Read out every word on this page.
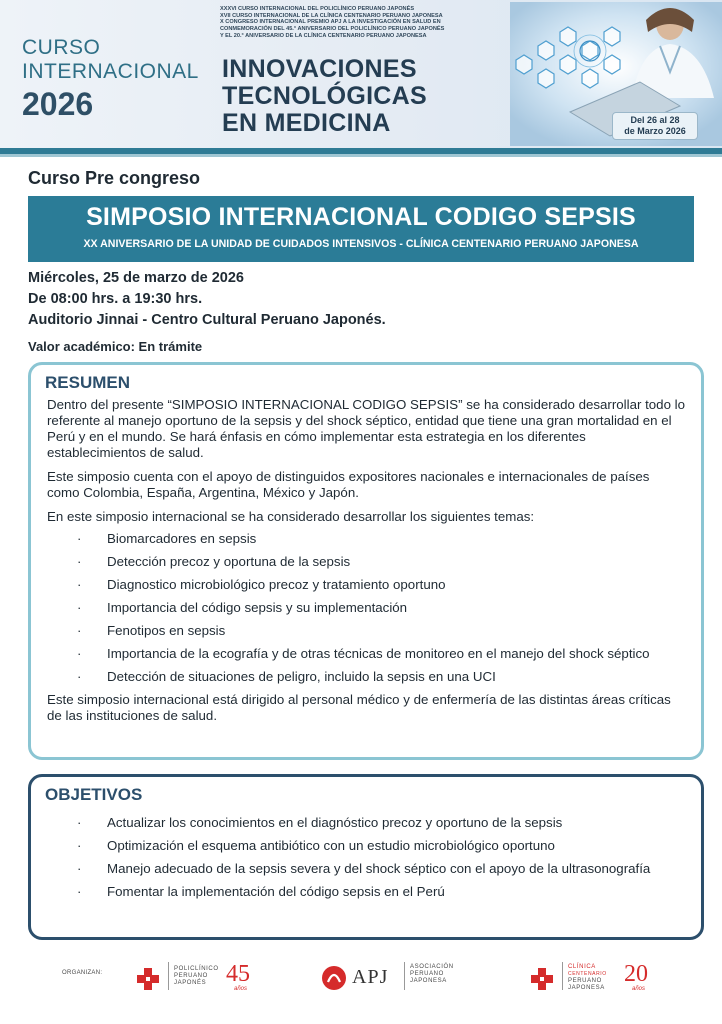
CURSO
INTERNACIONAL
2026
XXXVI CURSO INTERNACIONAL DEL POLICLÍNICO PERUANO JAPONÉS
XVII CURSO INTERNACIONAL DE LA CLÍNICA CENTENARIO PERUANO JAPONESA
X CONGRESO INTERNACIONAL PREMIO APJ A LA INVESTIGACIÓN EN SALUD EN
CONMEMORACIÓN DEL 45.° ANIVERSARIO DEL POLICLÍNICO PERUANO JAPONÉS
Y EL 20.° ANIVERSARIO DE LA CLÍNICA CENTENARIO PERUANO JAPONESA
INNOVACIONES
TECNOLÓGICAS
EN MEDICINA	Del 26 al 28
de Marzo 2026
Curso Pre congreso
SIMPOSIO INTERNACIONAL CODIGO SEPSIS
XX ANIVERSARIO DE LA UNIDAD DE CUIDADOS INTENSIVOS - CLÍNICA CENTENARIO PERUANO JAPONESA
Miércoles, 25 de marzo de 2026
De 08:00 hrs. a 19:30 hrs.
Auditorio Jinnai - Centro Cultural Peruano Japonés.
Valor académico: En trámite
RESUMEN

Dentro del presente “SIMPOSIO INTERNACIONAL CODIGO SEPSIS” se ha considerado desarrollar todo lo referente al manejo oportuno de la sepsis y del shock séptico, entidad que tiene una gran mortalidad en el Perú y en el mundo. Se hará énfasis en cómo implementar esta estrategia en los diferentes establecimientos de salud.

Este simposio cuenta con el apoyo de distinguidos expositores nacionales e internacionales de países como Colombia, España, Argentina, México y Japón.

En este simposio internacional se ha considerado desarrollar los siguientes temas:

· Biomarcadores en sepsis
· Detección precoz y oportuna de la sepsis
· Diagnostico microbiológico precoz y tratamiento oportuno
· Importancia del código sepsis y su implementación
· Fenotipos en sepsis
· Importancia de la ecografía y de otras técnicas de monitoreo en el manejo del shock séptico
· Detección de situaciones de peligro, incluido la sepsis en una UCI

Este simposio internacional está dirigido al personal médico y de enfermería de las distintas áreas críticas de las instituciones de salud.

OBJETIVOS
· Actualizar los conocimientos en el diagnóstico precoz y oportuno de la sepsis
· Optimización el esquema antibiótico con un estudio microbiológico oportuno
· Manejo adecuado de la sepsis severa y del shock séptico con el apoyo de la ultrasonografía
· Fomentar la implementación del código sepsis en el Perú
ORGANIZAN:
POLICLÍNICO
PERUANO
JAPONÉS 45
años
APJ	ASOCIACIÓN
PERUANO
JAPONESA
CLÍNICA
CENTENARIO
PERUANO
JAPONESA
20
años
